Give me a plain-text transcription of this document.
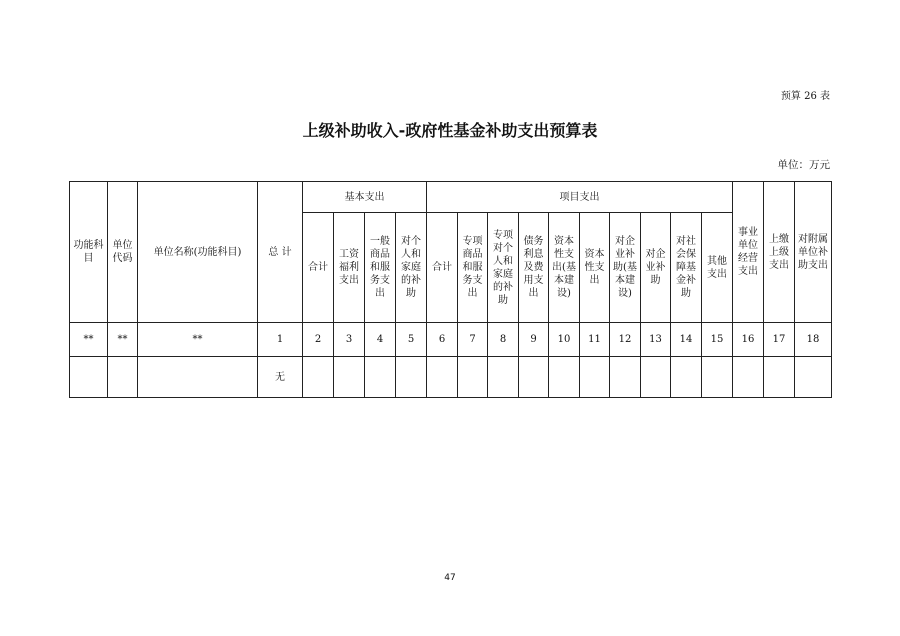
预算 26 表
上级补助收入-政府性基金补助支出预算表
单位：万元
功能科目	单位代码	单位名称(功能科目)	总 计	基本支出				项目支出										事业单位经营支出	上缴上级支出	对附属单位补助支出
				合计	工资福利支出	一般商品和服务支出	对个人和家庭的补助	合计	专项商品和服务支出	专项对个人和家庭的补助	债务利息及费用支出	资本性支出(基本建设)	资本性支出	对企业补助(基本建设)	对企业补助	对社会保障基金补助	其他支出			
**	**	**	1	2	3	4	5	6	7	8	9	10	11	12	13	14	15	16	17	18
			无																	
47
